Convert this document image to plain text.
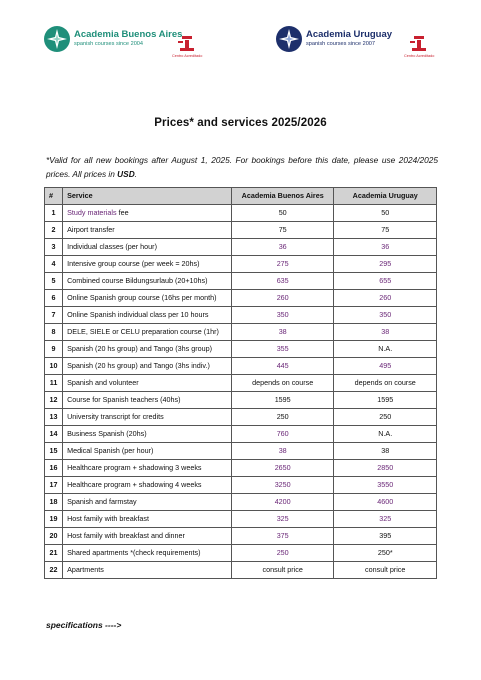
Academia Buenos Aires
spanish courses since 2004
Centro Acreditado
Academia Uruguay
spanish courses since 2007
Centro Acreditado
Prices* and services 2025/2026
*Valid for all new bookings after August 1, 2025. For bookings before this date, please use 2024/2025 prices. All prices in USD.
#	Service	Academia Buenos Aires	Academia Uruguay
1	Study materials fee	50	50
2	Airport transfer	75	75
3	Individual classes (per hour)	36	36
4	Intensive group course (per week = 20hs)	275	295
5	Combined course Bildungsurlaub (20+10hs)	635	655
6	Online Spanish group course (16hs per month)	260	260
7	Online Spanish individual class per 10 hours	350	350
8	DELE, SIELE or CELU preparation course (1hr)	38	38
9	Spanish (20 hs group) and Tango (3hs group)	355	N.A.
10	Spanish (20 hs group) and Tango (3hs indiv.)	445	495
11	Spanish and volunteer	depends on course	depends on course
12	Course for Spanish teachers (40hs)	1595	1595
13	University transcript for credits	250	250
14	Business Spanish (20hs)	760	N.A.
15	Medical Spanish (per hour)	38	38
16	Healthcare program + shadowing 3 weeks	2650	2850
17	Healthcare program + shadowing 4 weeks	3250	3550
18	Spanish and farmstay	4200	4600
19	Host family with breakfast	325	325
20	Host family with breakfast and dinner	375	395
21	Shared apartments *(check requirements)	250	250*
22	Apartments	consult price	consult price
specifications ---->
